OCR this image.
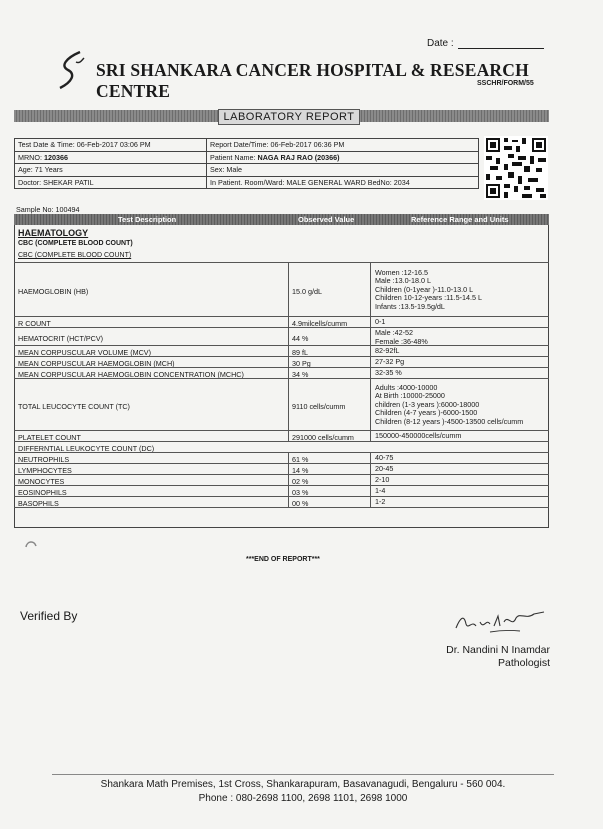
Date :
SRI SHANKARA CANCER HOSPITAL & RESEARCH CENTRE	SSCHR/FORM/55
LABORATORY REPORT
Test Date & Time: 06-Feb-2017 03:06 PM	Report Date/Time: 06-Feb-2017 06:36 PM
MRNO: 120366	Patient Name: NAGA RAJ RAO (20366)
Age: 71 Years	Sex: Male
Doctor: SHEKAR PATIL	In Patient. Room/Ward: MALE GENERAL WARD BedNo: 2034
Sample No: 100494
Test Description	Observed Value	Reference Range and Units
HAEMATOLOGY
CBC (COMPLETE BLOOD COUNT)
CBC (COMPLETE BLOOD COUNT)
HAEMOGLOBIN (HB)	15.0 g/dL
Women :12-16.5
Male :13.0-18.0 L
Children (0-1year )-11.0-13.0 L
Children 10-12-years :11.5-14.5 L
Infants :13.5-19.5g/dL
R COUNT	4.9milcells/cumm	0-1
HEMATOCRIT (HCT/PCV)	44 %
Male :42-52
Female :36-48%
MEAN CORPUSCULAR VOLUME (MCV)	89 fL	82-92fL
MEAN CORPUSCULAR HAEMOGLOBIN (MCH)	30 Pg	27-32 Pg
MEAN CORPUSCULAR HAEMOGLOBIN CONCENTRATION (MCHC)	34 %	32-35 %
TOTAL LEUCOCYTE COUNT (TC)	9110 cells/cumm
Adults :4000-10000
At Birth :10000-25000
children (1-3 years ):6000-18000
Children (4-7 years )-6000-1500
Children (8-12 years )-4500-13500 cells/cumm
PLATELET COUNT	291000 cells/cumm	150000-450000cells/cumm
DIFFERNTIAL LEUKOCYTE COUNT (DC)
NEUTROPHILS	61 %	40-75
LYMPHOCYTES	14 %	20-45
MONOCYTES	02 %	2-10
EOSINOPHILS	03 %	1-4
BASOPHILS	00 %	1-2
***END OF REPORT***
Verified By
Dr. Nandini N Inamdar
Pathologist
Shankara Math Premises, 1st Cross, Shankarapuram, Basavanagudi, Bengaluru - 560 004.
Phone : 080-2698 1100, 2698 1101, 2698 1000
